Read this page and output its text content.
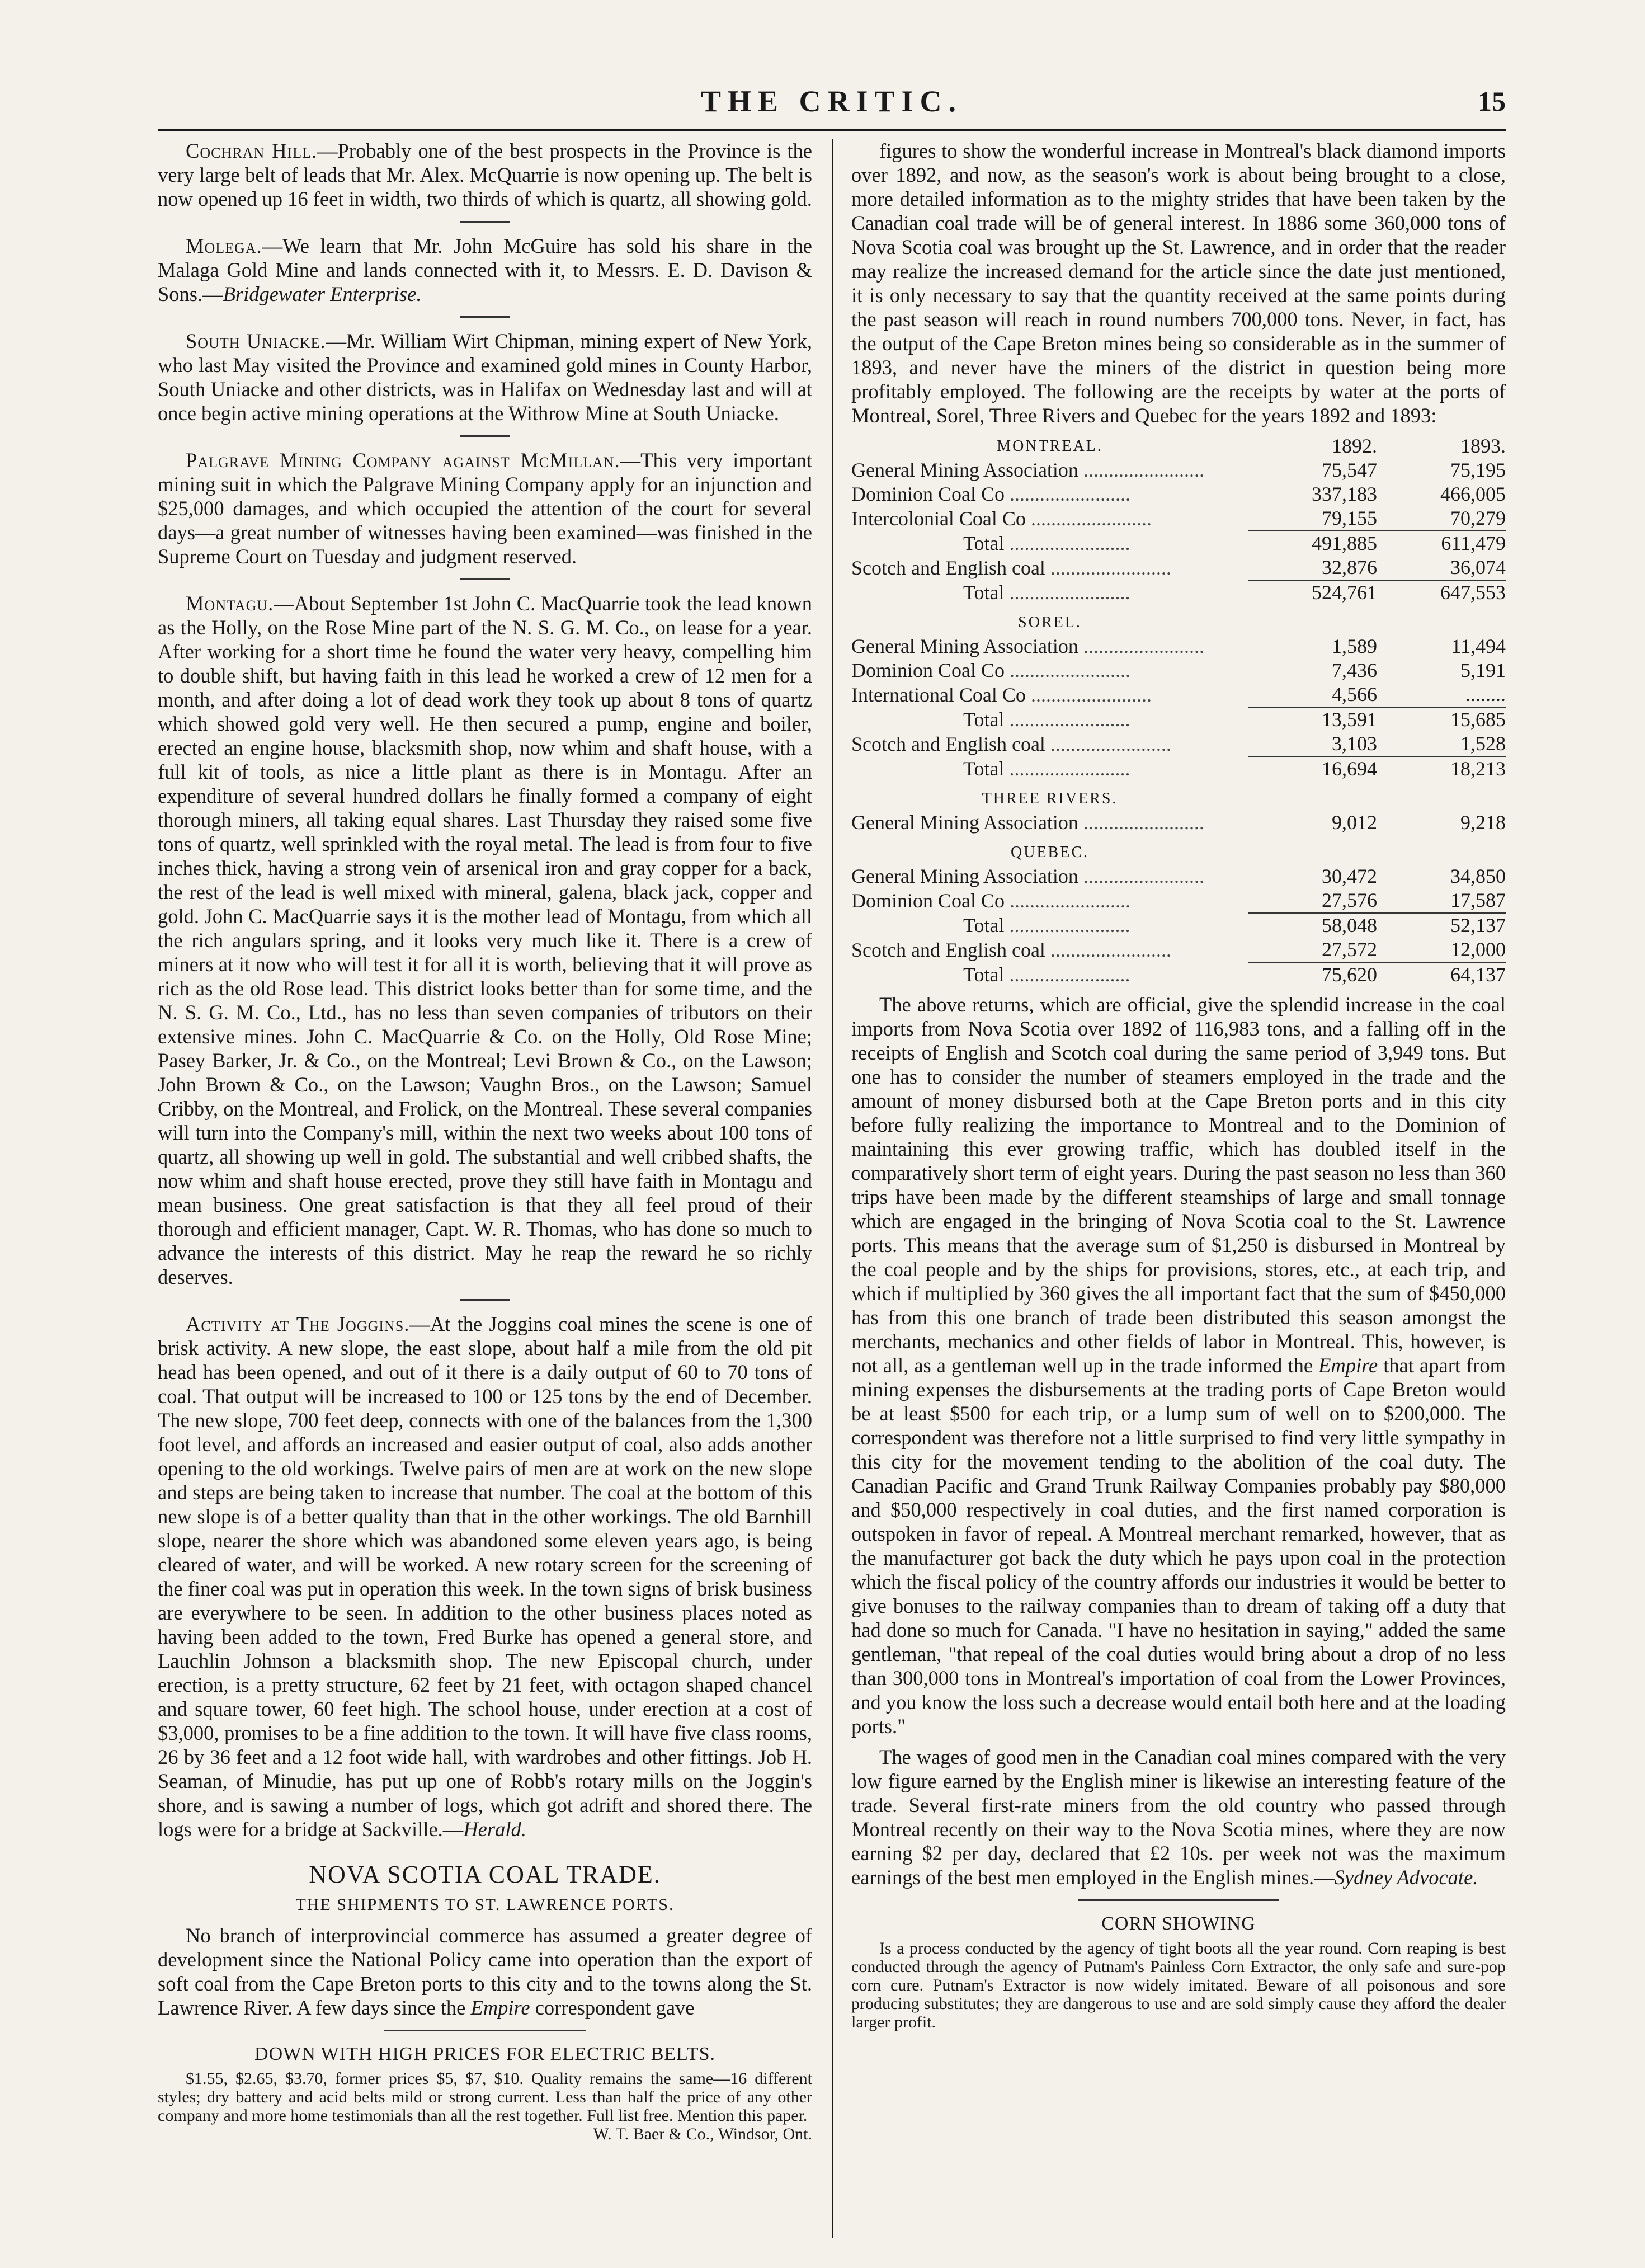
THE CRITIC.	15

Cochran Hill.—Probably one of the best prospects in the Province is the very large belt of leads that Mr. Alex. McQuarrie is now opening up. The belt is now opened up 16 feet in width, two thirds of which is quartz, all showing gold.

Molega.—We learn that Mr. John McGuire has sold his share in the Malaga Gold Mine and lands connected with it, to Messrs. E. D. Davison & Sons.—Bridgewater Enterprise.

South Uniacke.—Mr. William Wirt Chipman, mining expert of New York, who last May visited the Province and examined gold mines in County Harbor, South Uniacke and other districts, was in Halifax on Wednesday last and will at once begin active mining operations at the Withrow Mine at South Uniacke.

Palgrave Mining Company against McMillan.—This very important mining suit in which the Palgrave Mining Company apply for an injunction and $25,000 damages, and which occupied the attention of the court for several days—a great number of witnesses having been examined—was finished in the Supreme Court on Tuesday and judgment reserved.

Montagu.—About September 1st John C. MacQuarrie took the lead known as the Holly, on the Rose Mine part of the N. S. G. M. Co., on lease for a year. After working for a short time he found the water very heavy, compelling him to double shift, but having faith in this lead he worked a crew of 12 men for a month, and after doing a lot of dead work they took up about 8 tons of quartz which showed gold very well. He then secured a pump, engine and boiler, erected an engine house, blacksmith shop, now whim and shaft house, with a full kit of tools, as nice a little plant as there is in Montagu. After an expenditure of several hundred dollars he finally formed a company of eight thorough miners, all taking equal shares. Last Thursday they raised some five tons of quartz, well sprinkled with the royal metal. The lead is from four to five inches thick, having a strong vein of arsenical iron and gray copper for a back, the rest of the lead is well mixed with mineral, galena, black jack, copper and gold. John C. MacQuarrie says it is the mother lead of Montagu, from which all the rich angulars spring, and it looks very much like it. There is a crew of miners at it now who will test it for all it is worth, believing that it will prove as rich as the old Rose lead. This district looks better than for some time, and the N. S. G. M. Co., Ltd., has no less than seven companies of tributors on their extensive mines. John C. MacQuarrie & Co. on the Holly, Old Rose Mine; Pasey Barker, Jr. & Co., on the Montreal; Levi Brown & Co., on the Lawson; John Brown & Co., on the Lawson; Vaughn Bros., on the Lawson; Samuel Cribby, on the Montreal, and Frolick, on the Montreal. These several companies will turn into the Company's mill, within the next two weeks about 100 tons of quartz, all showing up well in gold. The substantial and well cribbed shafts, the now whim and shaft house erected, prove they still have faith in Montagu and mean business. One great satisfaction is that they all feel proud of their thorough and efficient manager, Capt. W. R. Thomas, who has done so much to advance the interests of this district. May he reap the reward he so richly deserves.

Activity at The Joggins.—At the Joggins coal mines the scene is one of brisk activity. A new slope, the east slope, about half a mile from the old pit head has been opened, and out of it there is a daily output of 60 to 70 tons of coal. That output will be increased to 100 or 125 tons by the end of December. The new slope, 700 feet deep, connects with one of the balances from the 1,300 foot level, and affords an increased and easier output of coal, also adds another opening to the old workings. Twelve pairs of men are at work on the new slope and steps are being taken to increase that number. The coal at the bottom of this new slope is of a better quality than that in the other workings. The old Barnhill slope, nearer the shore which was abandoned some eleven years ago, is being cleared of water, and will be worked. A new rotary screen for the screening of the finer coal was put in operation this week. In the town signs of brisk business are everywhere to be seen. In addition to the other business places noted as having been added to the town, Fred Burke has opened a general store, and Lauchlin Johnson a blacksmith shop. The new Episcopal church, under erection, is a pretty structure, 62 feet by 21 feet, with octagon shaped chancel and square tower, 60 feet high. The school house, under erection at a cost of $3,000, promises to be a fine addition to the town. It will have five class rooms, 26 by 36 feet and a 12 foot wide hall, with wardrobes and other fittings. Job H. Seaman, of Minudie, has put up one of Robb's rotary mills on the Joggin's shore, and is sawing a number of logs, which got adrift and shored there. The logs were for a bridge at Sackville.—Herald.

NOVA SCOTIA COAL TRADE.
THE SHIPMENTS TO ST. LAWRENCE PORTS.

No branch of interprovincial commerce has assumed a greater degree of development since the National Policy came into operation than the export of soft coal from the Cape Breton ports to this city and to the towns along the St. Lawrence River. A few days since the Empire correspondent gave

DOWN WITH HIGH PRICES FOR ELECTRIC BELTS.

$1.55, $2.65, $3.70, former prices $5, $7, $10. Quality remains the same—16 different styles; dry battery and acid belts mild or strong current. Less than half the price of any other company and more home testimonials than all the rest together. Full list free. Mention this paper.

W. T. Baer & Co., Windsor, Ont.

figures to show the wonderful increase in Montreal's black diamond imports over 1892, and now, as the season's work is about being brought to a close, more detailed information as to the mighty strides that have been taken by the Canadian coal trade will be of general interest. In 1886 some 360,000 tons of Nova Scotia coal was brought up the St. Lawrence, and in order that the reader may realize the increased demand for the article since the date just mentioned, it is only necessary to say that the quantity received at the same points during the past season will reach in round numbers 700,000 tons. Never, in fact, has the output of the Cape Breton mines being so considerable as in the summer of 1893, and never have the miners of the district in question being more profitably employed. The following are the receipts by water at the ports of Montreal, Sorel, Three Rivers and Quebec for the years 1892 and 1893:

MONTREAL.	1892.	1893.
General Mining Association ........................	75,547	75,195
Dominion Coal Co ........................	337,183	466,005
Intercolonial Coal Co ........................	79,155	70,279
Total ........................	491,885	611,479
Scotch and English coal ........................	32,876	36,074
Total ........................	524,761	647,553
SOREL.		
General Mining Association ........................	1,589	11,494
Dominion Coal Co ........................	7,436	5,191
International Coal Co ........................	4,566	........
Total ........................	13,591	15,685
Scotch and English coal ........................	3,103	1,528
Total ........................	16,694	18,213
THREE RIVERS.		
General Mining Association ........................	9,012	9,218
QUEBEC.		
General Mining Association ........................	30,472	34,850
Dominion Coal Co ........................	27,576	17,587
Total ........................	58,048	52,137
Scotch and English coal ........................	27,572	12,000
Total ........................	75,620	64,137

The above returns, which are official, give the splendid increase in the coal imports from Nova Scotia over 1892 of 116,983 tons, and a falling off in the receipts of English and Scotch coal during the same period of 3,949 tons. But one has to consider the number of steamers employed in the trade and the amount of money disbursed both at the Cape Breton ports and in this city before fully realizing the importance to Montreal and to the Dominion of maintaining this ever growing traffic, which has doubled itself in the comparatively short term of eight years. During the past season no less than 360 trips have been made by the different steamships of large and small tonnage which are engaged in the bringing of Nova Scotia coal to the St. Lawrence ports. This means that the average sum of $1,250 is disbursed in Montreal by the coal people and by the ships for provisions, stores, etc., at each trip, and which if multiplied by 360 gives the all important fact that the sum of $450,000 has from this one branch of trade been distributed this season amongst the merchants, mechanics and other fields of labor in Montreal. This, however, is not all, as a gentleman well up in the trade informed the Empire that apart from mining expenses the disbursements at the trading ports of Cape Breton would be at least $500 for each trip, or a lump sum of well on to $200,000. The correspondent was therefore not a little surprised to find very little sympathy in this city for the movement tending to the abolition of the coal duty. The Canadian Pacific and Grand Trunk Railway Companies probably pay $80,000 and $50,000 respectively in coal duties, and the first named corporation is outspoken in favor of repeal. A Montreal merchant remarked, however, that as the manufacturer got back the duty which he pays upon coal in the protection which the fiscal policy of the country affords our industries it would be better to give bonuses to the railway companies than to dream of taking off a duty that had done so much for Canada. "I have no hesitation in saying," added the same gentleman, "that repeal of the coal duties would bring about a drop of no less than 300,000 tons in Montreal's importation of coal from the Lower Provinces, and you know the loss such a decrease would entail both here and at the loading ports."

The wages of good men in the Canadian coal mines compared with the very low figure earned by the English miner is likewise an interesting feature of the trade. Several first-rate miners from the old country who passed through Montreal recently on their way to the Nova Scotia mines, where they are now earning $2 per day, declared that £2 10s. per week not was the maximum earnings of the best men employed in the English mines.—Sydney Advocate.

CORN SHOWING

Is a process conducted by the agency of tight boots all the year round. Corn reaping is best conducted through the agency of Putnam's Painless Corn Extractor, the only safe and sure-pop corn cure. Putnam's Extractor is now widely imitated. Beware of all poisonous and sore producing substitutes; they are dangerous to use and are sold simply cause they afford the dealer larger profit.
